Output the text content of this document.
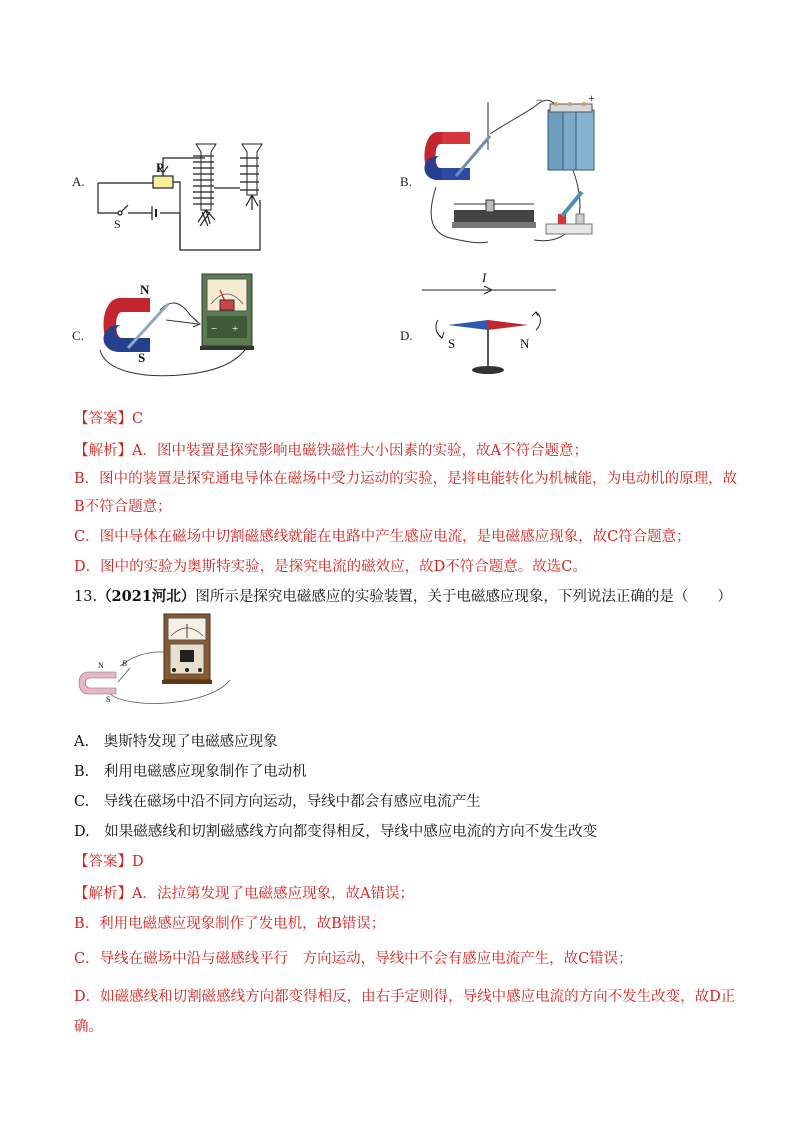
A.
P
S
B.
−	+
C.
N
S
− +	D.
I
S	N
【答案】C
【解析】A．图中装置是探究影响电磁铁磁性大小因素的实验，故A不符合题意；
B．图中的装置是探究通电导体在磁场中受力运动的实验，是将电能转化为机械能，为电动机的原理，故
B不符合题意；
C．图中导体在磁场中切割磁感线就能在电路中产生感应电流，是电磁感应现象，故C符合题意；
D．图中的实验为奥斯特实验，是探究电流的磁效应，故D不符合题意。故选C。
13.（2021河北）图所示是探究电磁感应的实验装置，关于电磁感应现象，下列说法正确的是（　　）
N
S
B
A.　奥斯特发现了电磁感应现象
B.　利用电磁感应现象制作了电动机
C.　导线在磁场中沿不同方向运动，导线中都会有感应电流产生
D.　如果磁感线和切割磁感线方向都变得相反，导线中感应电流的方向不发生改变
【答案】D
【解析】A．法拉第发现了电磁感应现象，故A错误；
B．利用电磁感应现象制作了发电机，故B错误；
C．导线在磁场中沿与磁感线平行　方向运动，导线中不会有感应电流产生，故C错误；
D．如磁感线和切割磁感线方向都变得相反，由右手定则得，导线中感应电流的方向不发生改变，故D正
确。
